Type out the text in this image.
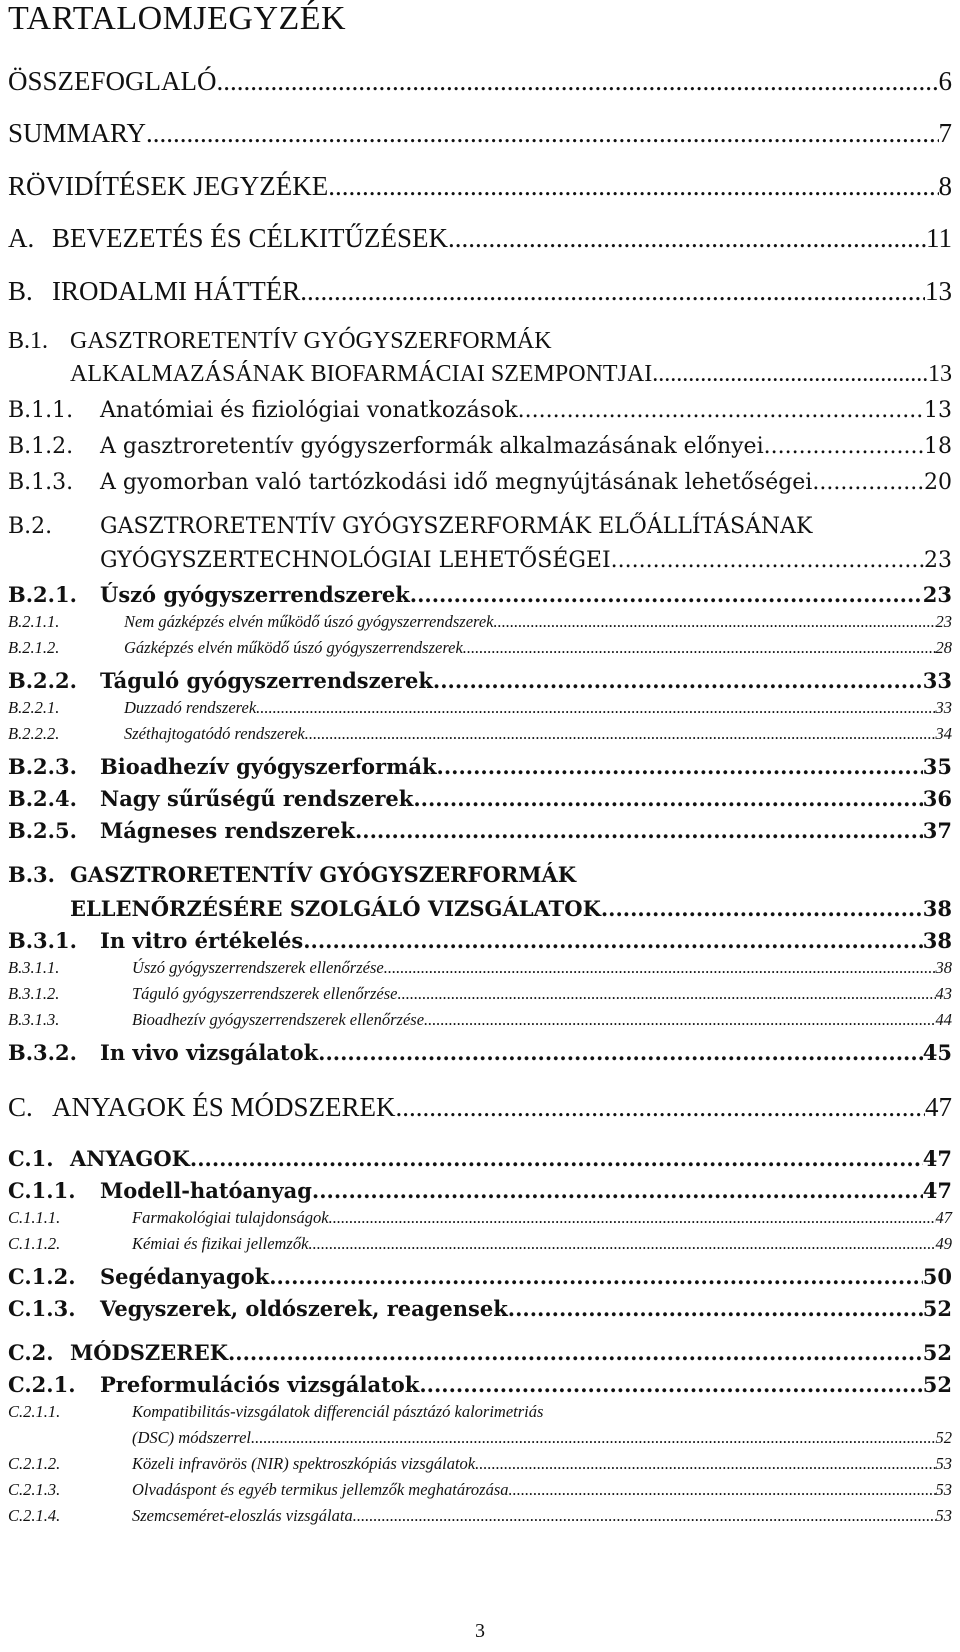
TARTALOMJEGYZÉK
ÖSSZEFOGLALÓ .....	6
SUMMARY .....	7
RÖVIDÍTÉSEK JEGYZÉKE .....	8
A. BEVEZETÉS ÉS CÉLKITŰZÉSEK .....	11
B. IRODALMI HÁTTÉR .....	13
B.1. GASZTRORETENTÍV GYÓGYSZERFORMÁK
ALKALMAZÁSÁNAK BIOFARMÁCIAI SZEMPONTJAI .....	13
B.1.1.	Anatómiai és fiziológiai vonatkozások .....	13
B.1.2.	A gasztroretentív gyógyszerformák alkalmazásának előnyei .....	18
B.1.3.	A gyomorban való tartózkodási idő megnyújtásának lehetőségei .....	20
B.2.	GASZTRORETENTÍV GYÓGYSZERFORMÁK ELŐÁLLÍTÁSÁNAK
GYÓGYSZERTECHNOLÓGIAI LEHETŐSÉGEI .....	23
B.2.1.	Úszó gyógyszerrendszerek .....	23
B.2.1.1.	Nem gázképzés elvén működő úszó gyógyszerrendszerek .....	23
B.2.1.2.	Gázképzés elvén működő úszó gyógyszerrendszerek .....	28
B.2.2.	Táguló gyógyszerrendszerek .....	33
B.2.2.1.	Duzzadó rendszerek .....	33
B.2.2.2.	Széthajtogatódó rendszerek .....	34
B.2.3.	Bioadhezív gyógyszerformák .....	35
B.2.4.	Nagy sűrűségű rendszerek .....	36
B.2.5.	Mágneses rendszerek .....	37
B.3. GASZTRORETENTÍV GYÓGYSZERFORMÁK
ELLENŐRZÉSÉRE SZOLGÁLÓ VIZSGÁLATOK .....	38
B.3.1.	In vitro értékelés .....	38
B.3.1.1.	Úszó gyógyszerrendszerek ellenőrzése .....	38
B.3.1.2.	Táguló gyógyszerrendszerek ellenőrzése .....	43
B.3.1.3.	Bioadhezív gyógyszerrendszerek ellenőrzése .....	44
B.3.2.	In vivo vizsgálatok .....	45
C. ANYAGOK ÉS MÓDSZEREK .....	47
C.1. ANYAGOK .....	47
C.1.1.	Modell-hatóanyag .....	47
C.1.1.1.	Farmakológiai tulajdonságok .....	47
C.1.1.2.	Kémiai és fizikai jellemzők .....	49
C.1.2.	Segédanyagok .....	50
C.1.3.	Vegyszerek, oldószerek, reagensek .....	52
C.2. MÓDSZEREK .....	52
C.2.1.	Preformulációs vizsgálatok .....	52
C.2.1.1.	Kompatibilitás-vizsgálatok differenciál pásztázó kalorimetriás
(DSC) módszerrel .....	52
C.2.1.2.	Közeli infravörös (NIR) spektroszkópiás vizsgálatok .....	53
C.2.1.3.	Olvadáspont és egyéb termikus jellemzők meghatározása .....	53
C.2.1.4.	Szemcseméret-eloszlás vizsgálata .....	53
3
